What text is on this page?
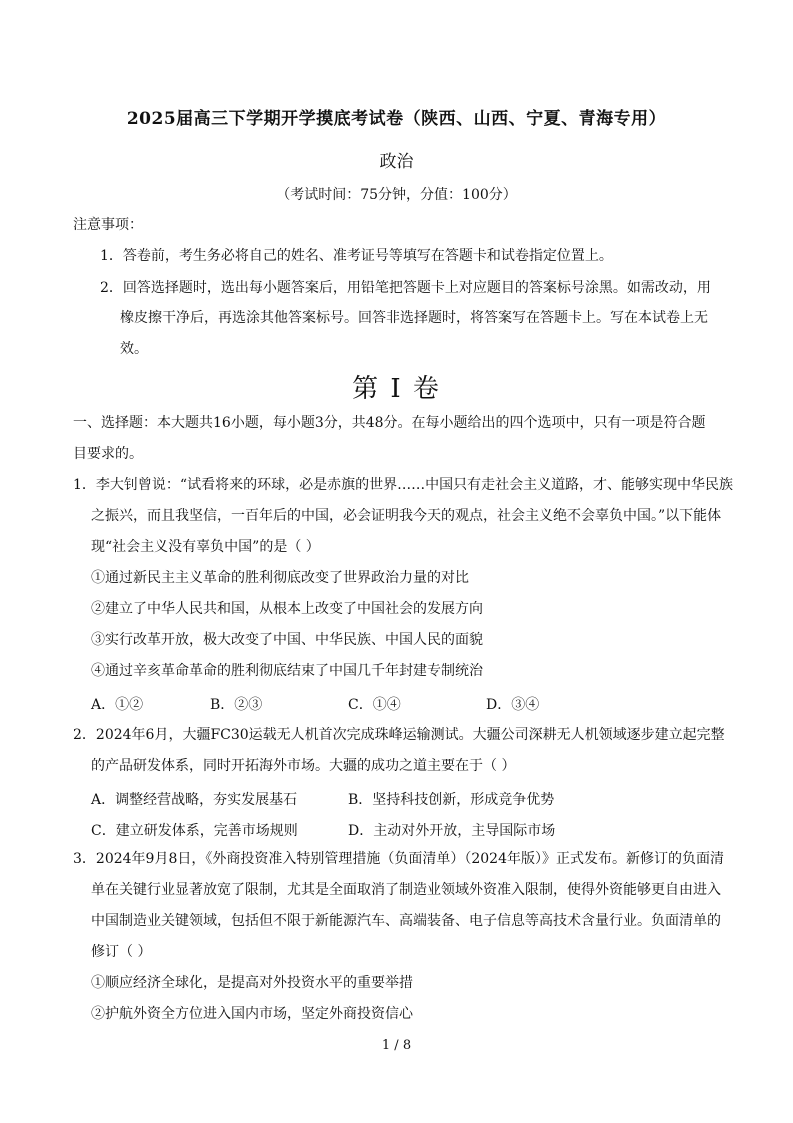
2025届高三下学期开学摸底考试卷（陕西、山西、宁夏、青海专用）
政治
（考试时间：75分钟，分值：100分）
注意事项：
1．答卷前，考生务必将自己的姓名、准考证号等填写在答题卡和试卷指定位置上。
2．回答选择题时，选出每小题答案后，用铅笔把答题卡上对应题目的答案标号涂黑。如需改动，用
橡皮擦干净后，再选涂其他答案标号。回答非选择题时，将答案写在答题卡上。写在本试卷上无
效。
第 I 卷
一、选择题：本大题共16小题，每小题3分，共48分。在每小题给出的四个选项中，只有一项是符合题
目要求的。
1．李大钊曾说：“试看将来的环球，必是赤旗的世界……中国只有走社会主义道路，才、能够实现中华民族
之振兴，而且我坚信，一百年后的中国，必会证明我今天的观点，社会主义绝不会辜负中国。”以下能体
现“社会主义没有辜负中国”的是（ ）
①通过新民主主义革命的胜利彻底改变了世界政治力量的对比
②建立了中华人民共和国，从根本上改变了中国社会的发展方向
③实行改革开放，极大改变了中国、中华民族、中国人民的面貌
④通过辛亥革命革命的胜利彻底结束了中国几千年封建专制统治
A．①②	B．②③	C．①④	D．③④
2．2024年6月，大疆FC30运载无人机首次完成珠峰运输测试。大疆公司深耕无人机领域逐步建立起完整
的产品研发体系，同时开拓海外市场。大疆的成功之道主要在于（ ）
A．调整经营战略，夯实发展基石	B．坚持科技创新，形成竞争优势
C．建立研发体系，完善市场规则	D．主动对外开放，主导国际市场
3．2024年9月8日，《外商投资准入特别管理措施（负面清单）（2024年版）》正式发布。新修订的负面清
单在关键行业显著放宽了限制，尤其是全面取消了制造业领域外资准入限制，使得外资能够更自由进入
中国制造业关键领域，包括但不限于新能源汽车、高端装备、电子信息等高技术含量行业。负面清单的
修订（ ）
①顺应经济全球化，是提高对外投资水平的重要举措
②护航外资全方位进入国内市场，坚定外商投资信心
1 / 8
